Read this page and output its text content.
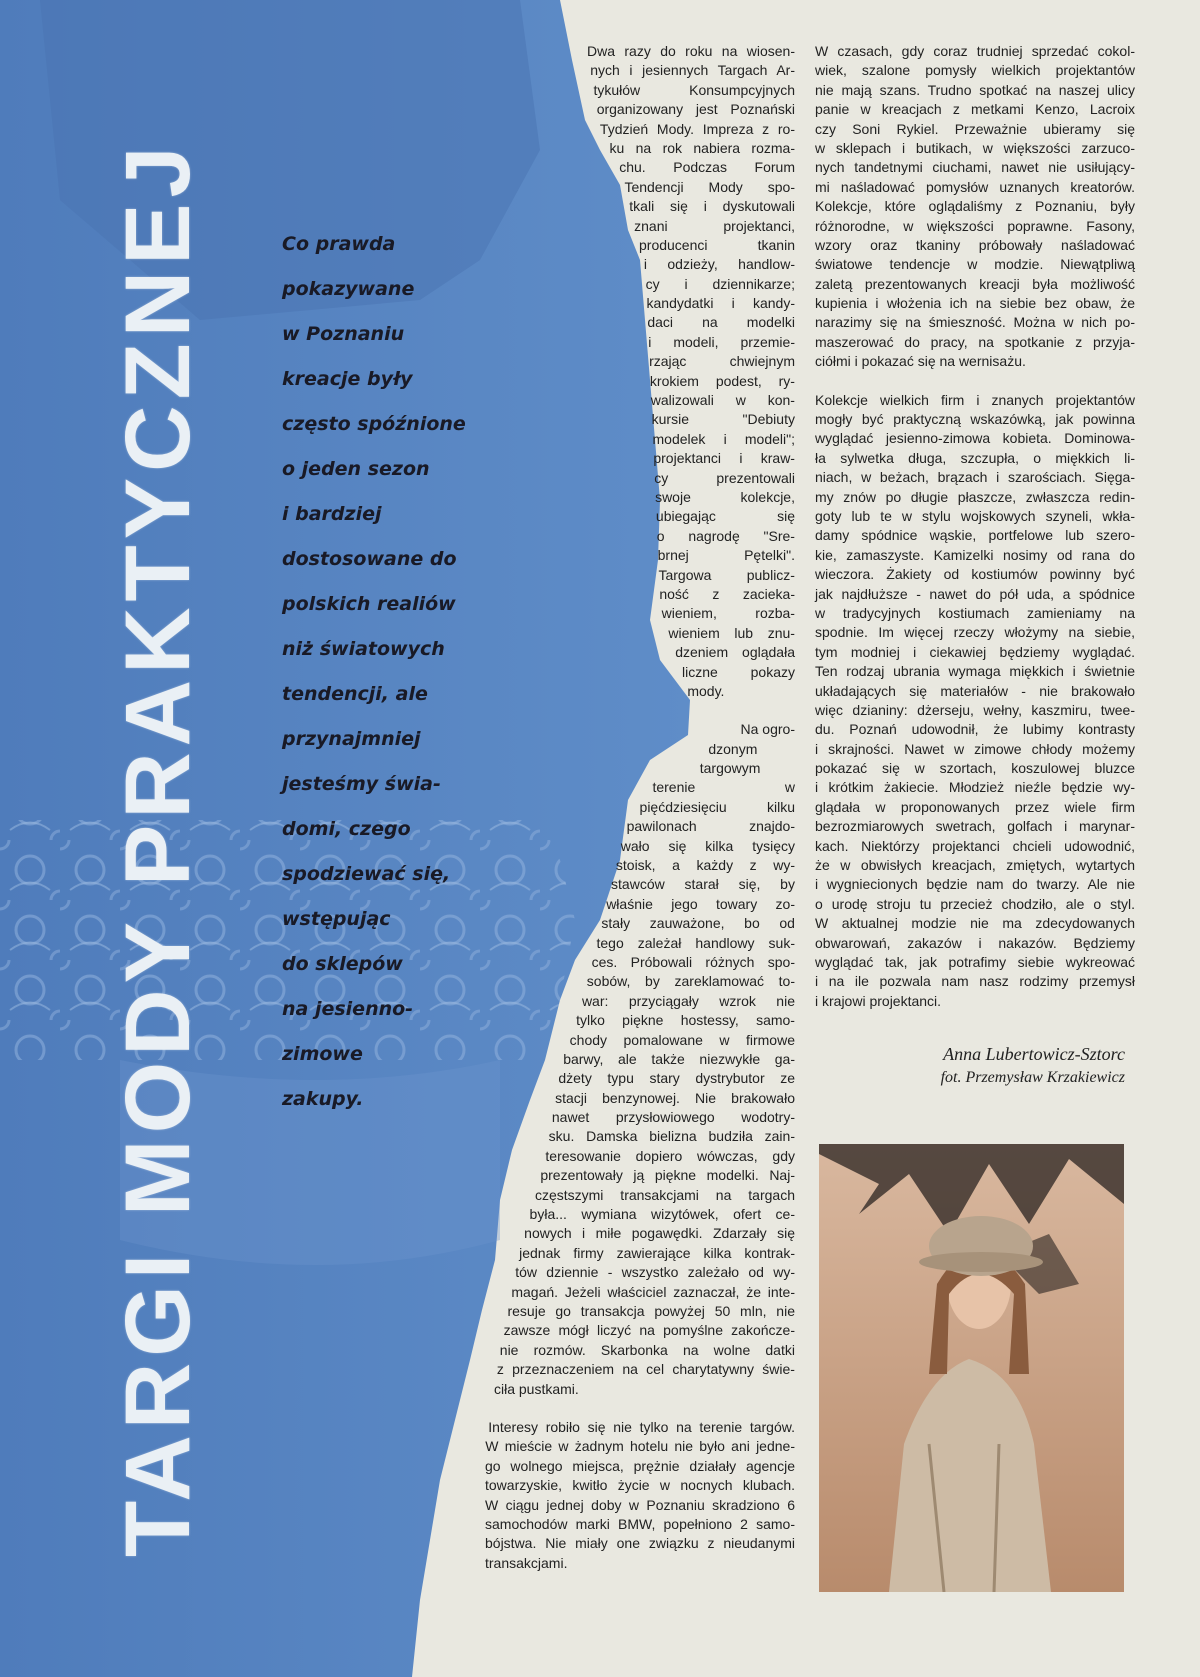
TARGI MODY PRAKTYCZNEJ	Co prawda
pokazywane
w Poznaniu
kreacje były
często spóźnione
o jeden sezon
i bardziej
dostosowane do
polskich realiów
niż światowych
tendencji, ale
przynajmniej
jesteśmy świa-
domi, czego
spodziewać się,
wstępując
do sklepów
na jesienno-
zimowe
zakupy.
Dwa razy do roku na wiosen-
nych i jesiennych Targach Ar-
tykułów Konsumpcyjnych
organizowany jest Poznański
Tydzień Mody. Impreza z ro-
ku na rok nabiera rozma-
chu. Podczas Forum
Tendencji Mody spo-
tkali się i dyskutowali
znani projektanci,
producenci tkanin
i odzieży, handlow-
cy i dziennikarze;
kandydatki i kandy-
daci na modelki
i modeli, przemie-
rzając chwiejnym
krokiem podest, ry-
walizowali w kon-
kursie "Debiuty
modelek i modeli";
projektanci i kraw-
cy prezentowali
swoje kolekcje,
ubiegając się
o nagrodę "Sre-
brnej Pętelki".
Targowa publicz-
ność z zacieka-
wieniem, rozba-
wieniem lub znu-
dzeniem oglądała
liczne pokazy
mody.
Na ogro-
dzonym
targowym
terenie w
pięćdziesięciu kilku
pawilonach znajdo-
wało się kilka tysięcy
stoisk, a każdy z wy-
stawców starał się, by
właśnie jego towary zo-
stały zauważone, bo od
tego zależał handlowy suk-
ces. Próbowali różnych spo-
sobów, by zareklamować to-
war: przyciągały wzrok nie
tylko piękne hostessy, samo-
chody pomalowane w firmowe
barwy, ale także niezwykłe ga-
dżety typu stary dystrybutor ze
stacji benzynowej. Nie brakowało
nawet przysłowiowego wodotry-
sku. Damska bielizna budziła zain-
teresowanie dopiero wówczas, gdy
prezentowały ją piękne modelki. Naj-
częstszymi transakcjami na targach
była... wymiana wizytówek, ofert ce-
nowych i miłe pogawędki. Zdarzały się
jednak firmy zawierające kilka kontrak-
tów dziennie - wszystko zależało od wy-
magań. Jeżeli właściciel zaznaczał, że inte-
resuje go transakcja powyżej 50 mln, nie
zawsze mógł liczyć na pomyślne zakończe-
nie rozmów. Skarbonka na wolne datki
z przeznaczeniem na cel charytatywny świe-
ciła pustkami.
Interesy robiło się nie tylko na terenie targów.
W mieście w żadnym hotelu nie było ani jedne-
go wolnego miejsca, prężnie działały agencje
towarzyskie, kwitło życie w nocnych klubach.
W ciągu jednej doby w Poznaniu skradziono 6
samochodów marki BMW, popełniono 2 samo-
bójstwa. Nie miały one związku z nieudanymi
transakcjami.
W czasach, gdy coraz trudniej sprzedać cokol-
wiek, szalone pomysły wielkich projektantów
nie mają szans. Trudno spotkać na naszej ulicy
panie w kreacjach z metkami Kenzo, Lacroix
czy Soni Rykiel. Przeważnie ubieramy się
w sklepach i butikach, w większości zarzuco-
nych tandetnymi ciuchami, nawet nie usiłujący-
mi naśladować pomysłów uznanych kreatorów.
Kolekcje, które oglądaliśmy z Poznaniu, były
różnorodne, w większości poprawne. Fasony,
wzory oraz tkaniny próbowały naśladować
światowe tendencje w modzie. Niewątpliwą
zaletą prezentowanych kreacji była możliwość
kupienia i włożenia ich na siebie bez obaw, że
narazimy się na śmieszność. Można w nich po-
maszerować do pracy, na spotkanie z przyja-
ciółmi i pokazać się na wernisażu.
Kolekcje wielkich firm i znanych projektantów
mogły być praktyczną wskazówką, jak powinna
wyglądać jesienno-zimowa kobieta. Dominowa-
ła sylwetka długa, szczupła, o miękkich li-
niach, w beżach, brązach i szarościach. Sięga-
my znów po długie płaszcze, zwłaszcza redin-
goty lub te w stylu wojskowych szyneli, wkła-
damy spódnice wąskie, portfelowe lub szero-
kie, zamaszyste. Kamizelki nosimy od rana do
wieczora. Żakiety od kostiumów powinny być
jak najdłuższe - nawet do pół uda, a spódnice
w tradycyjnych kostiumach zamieniamy na
spodnie. Im więcej rzeczy włożymy na siebie,
tym modniej i ciekawiej będziemy wyglądać.
Ten rodzaj ubrania wymaga miękkich i świetnie
układających się materiałów - nie brakowało
więc dzianiny: dżerseju, wełny, kaszmiru, twee-
du. Poznań udowodnił, że lubimy kontrasty
i skrajności. Nawet w zimowe chłody możemy
pokazać się w szortach, koszulowej bluzce
i krótkim żakiecie. Młodzież nieźle będzie wy-
glądała w proponowanych przez wiele firm
bezrozmiarowych swetrach, golfach i marynar-
kach. Niektórzy projektanci chcieli udowodnić,
że w obwisłych kreacjach, zmiętych, wytartych
i wygniecionych będzie nam do twarzy. Ale nie
o urodę stroju tu przecież chodziło, ale o styl.
W aktualnej modzie nie ma zdecydowanych
obwarowań, zakazów i nakazów. Będziemy
wyglądać tak, jak potrafimy siebie wykreować
i na ile pozwala nam nasz rodzimy przemysł
i krajowi projektanci.
Anna Lubertowicz-Sztorc
fot. Przemysław Krzakiewicz
